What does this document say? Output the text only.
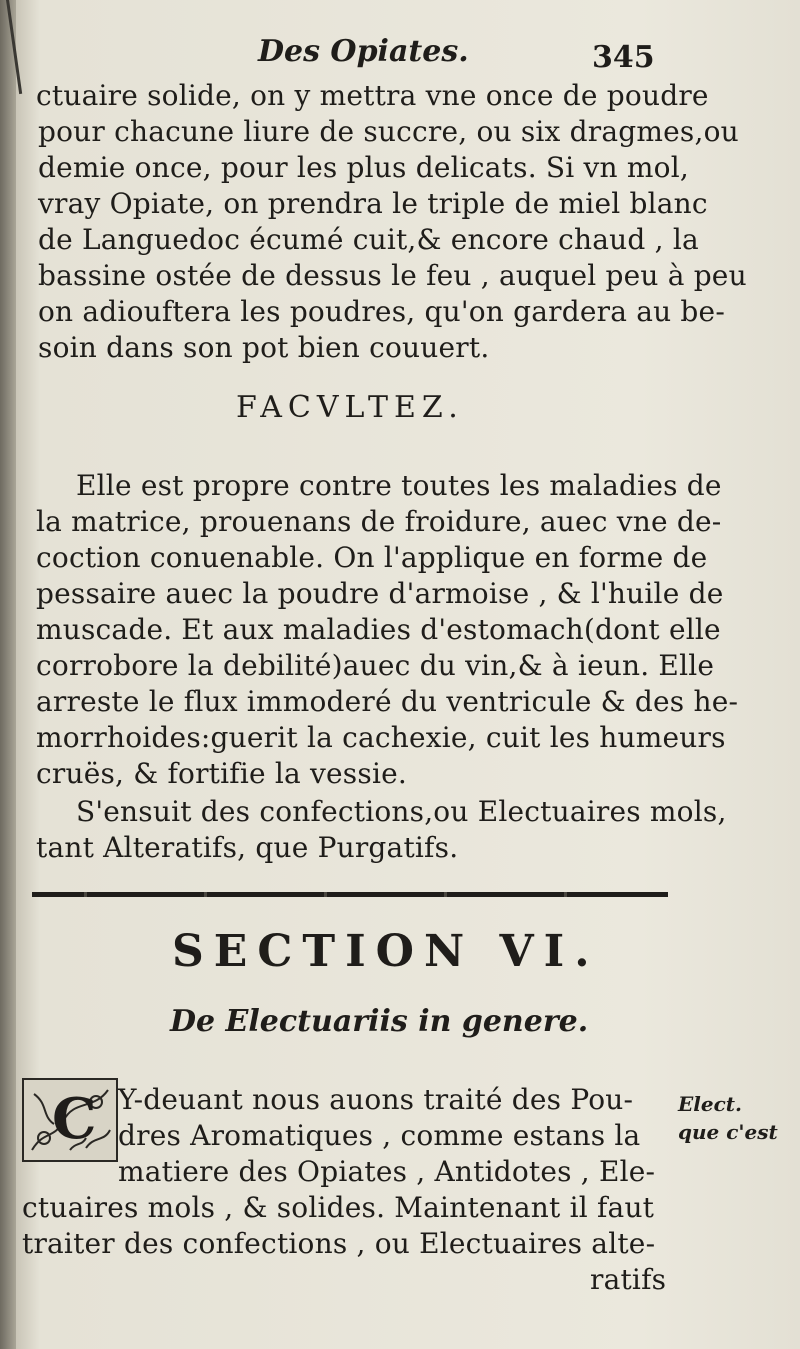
Des Opiates.	345
ctuaire solide, on y mettra vne once de poudre
pour chacune liure de succre, ou six dragmes,ou
demie once, pour les plus delicats. Si vn mol,
vray Opiate, on prendra le triple de miel blanc
de Languedoc écumé cuit,& encore chaud , la
bassine ostée de dessus le feu , auquel peu à peu
on adiouftera les poudres, qu'on gardera au be-
soin dans son pot bien couuert.
FACVLTEZ.
Elle est propre contre toutes les maladies de
la matrice, prouenans de froidure, auec vne de-
coction conuenable. On l'applique en forme de
pessaire auec la poudre d'armoise , & l'huile de
muscade. Et aux maladies d'estomach(dont elle
corrobore la debilité)auec du vin,& à ieun. Elle
arreste le flux immoderé du ventricule & des he-
morrhoides:guerit la cachexie, cuit les humeurs
cruës, & fortifie la vessie.
S'ensuit des confections,ou Electuaires mols,
tant Alteratifs, que Purgatifs.
SECTION VI.
De Electuariis in genere.
C Y-deuant nous auons traité des Pou-
dres Aromatiques , comme estans la
matiere des Opiates , Antidotes , Ele-
ctuaires mols , & solides. Maintenant il faut
traiter des confections , ou Electuaires alte-
ratifs
Elect.
que c'est
